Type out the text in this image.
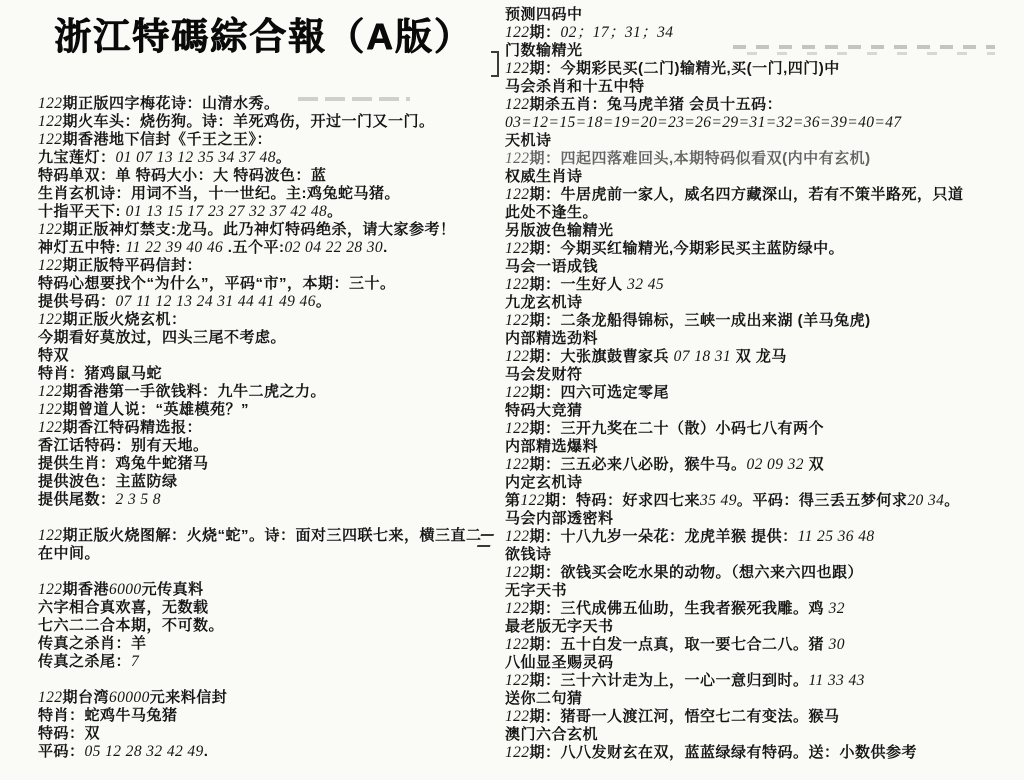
浙江特碼綜合報（A版）
122期正版四字梅花诗：山清水秀。
122期火车头：烧伤狗。诗：羊死鸡伤，开过一门又一门。
122期香港地下信封《千王之王》：
九宝莲灯：01 07 13 12 35 34 37 48。
特码单双：单 特码大小：大 特码波色：蓝
生肖玄机诗：用词不当，十一世纪。主:鸡兔蛇马猪。
十指平天下: 01 13 15 17 23 27 32 37 42 48。
122期正版神灯禁支:龙马。此乃神灯特码绝杀，请大家参考！
神灯五中特: 11 22 39 40 46 .五个平:02 04 22 28 30.
122期正版特平码信封：
特码心想要找个“为什么”，平码“市”，本期：三十。
提供号码：07 11 12 13 24 31 44 41 49 46。
122期正版火烧玄机：
今期看好莫放过，四头三尾不考虑。
特双
特肖：猪鸡鼠马蛇
122期香港第一手欲钱料：九牛二虎之力。
122期曾道人说：“英雄模苑？”
122期香江特码精选报：
香江话特码：别有天地。
提供生肖：鸡兔牛蛇猪马
提供波色：主蓝防绿
提供尾数：2 3 5 8

122期正版火烧图解：火烧“蛇”。诗：面对三四联七来，横三直二
在中间。

122期香港6000元传真料
六字相合真欢喜，无数载
七六二二合本期，不可数。
传真之杀肖：羊
传真之杀尾：7

122期台湾60000元来料信封
特肖：蛇鸡牛马兔猪
特码：双
平码：05 12 28 32 42 49.
预测四码中
122期：02；17；31；34
门数输精光
122期：今期彩民买(二门)输精光,买(一门,四门)中
马会杀肖和十五中特
122期杀五肖：兔马虎羊猪 会员十五码：
03=12=15=18=19=20=23=26=29=31=32=36=39=40=47
天机诗
122期：四起四落难回头,本期特码似看双(内中有玄机)
权威生肖诗
122期：牛居虎前一家人，威名四方藏深山，若有不策半路死，只道
此处不逢生。
另版波色输精光
122期：今期买红输精光,今期彩民买主蓝防绿中。
马会一语成钱
122期：一生好人 32 45
九龙玄机诗
122期：二条龙船得锦标，三峡一成出来湖 (羊马兔虎)
内部精选劲料
122期：大张旗鼓曹家兵 07 18 31 双 龙马
马会发财符
122期：四六可选定零尾
特码大竞猜
122期：三开九奖在二十（散）小码七八有两个
内部精选爆料
122期：三五必来八必盼，猴牛马。02 09 32 双
内定玄机诗
第122期：特码：好求四七来35 49。平码：得三丢五梦何求20 34。
马会内部透密料
122期：十八九岁一朵花：龙虎羊猴 提供：11 25 36 48
欲钱诗
122期：欲钱买会吃水果的动物。（想六来六四也跟）
无字天书
122期：三代成佛五仙助，生我者猴死我雕。鸡 32
最老版无字天书
122期：五十白发一点真，取一要七合二八。猪 30
八仙显圣赐灵码
122期：三十六计走为上，一心一意归到时。11 33 43
送你二句猜
122期：猪哥一人渡江河，悟空七二有变法。猴马
澳门六合玄机
122期：八八发财玄在双，蓝蓝绿绿有特码。送：小数供参考
